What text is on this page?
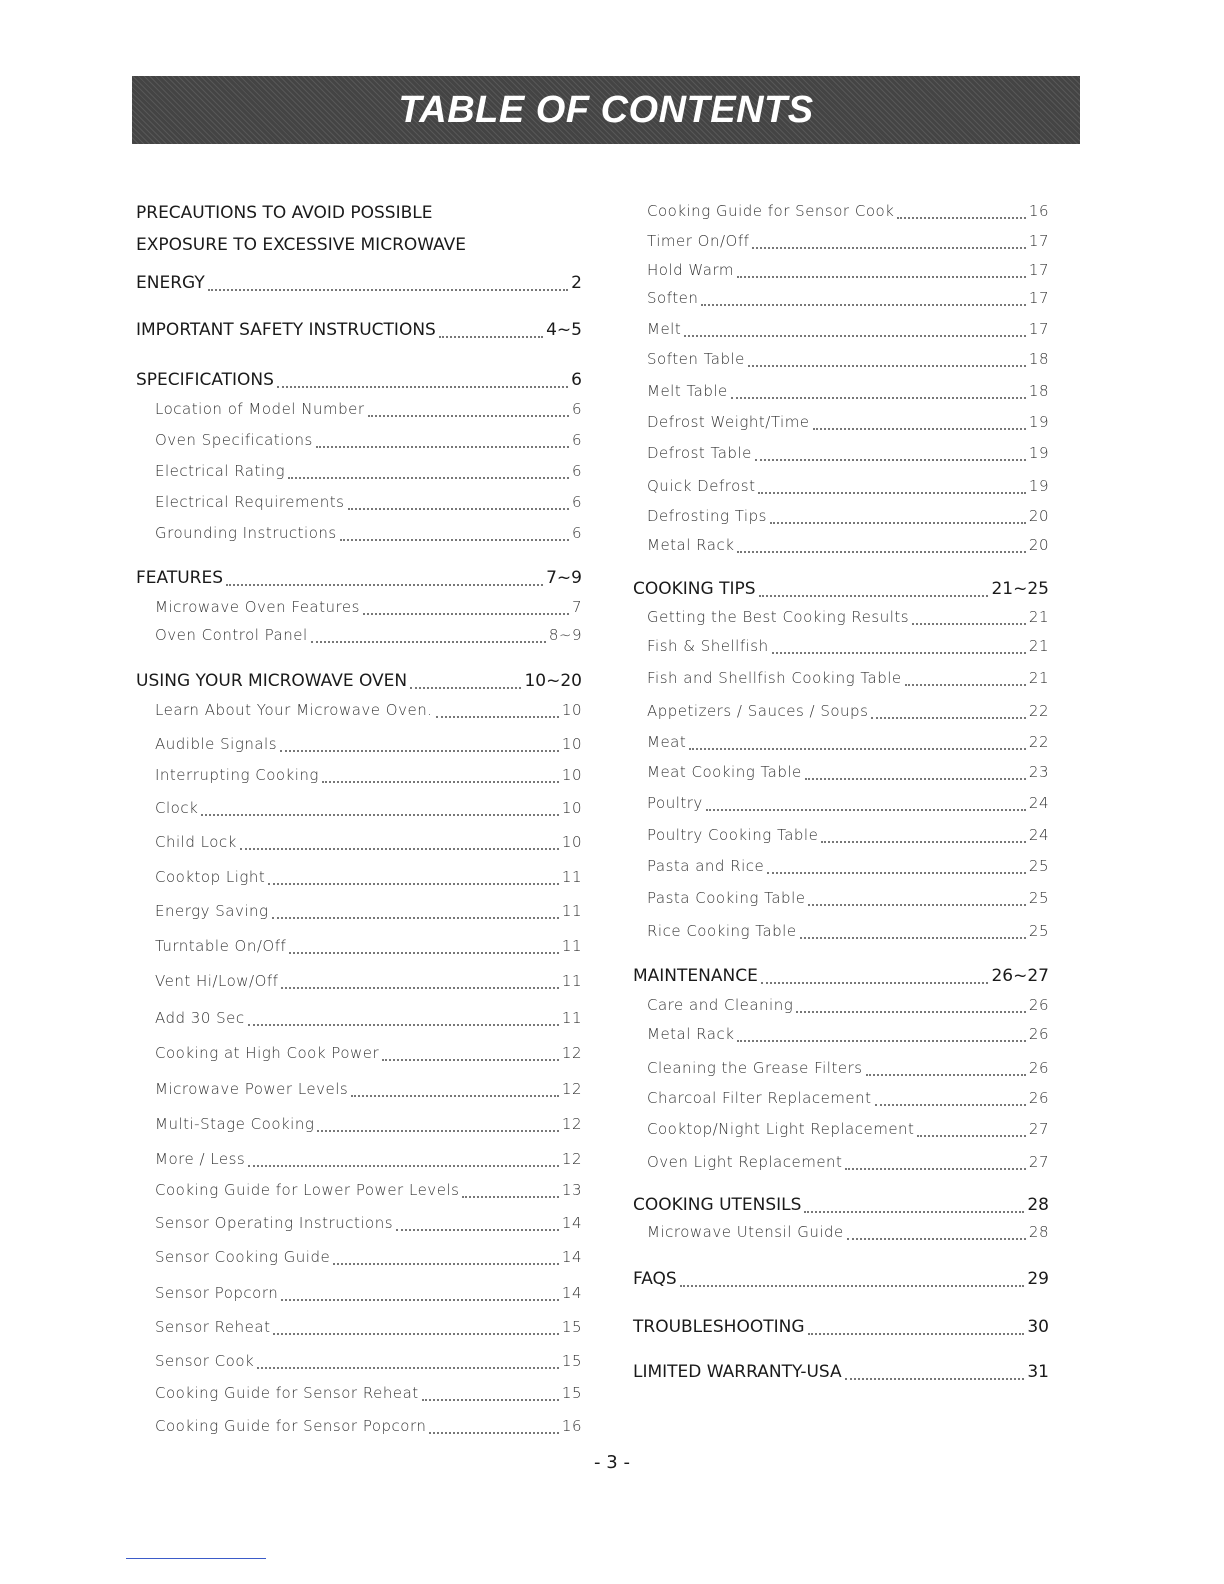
TABLE OF CONTENTS
PRECAUTIONS TO AVOID POSSIBLE
EXPOSURE TO EXCESSIVE MICROWAVE
ENERGY	2
IMPORTANT SAFETY INSTRUCTIONS	4~5
SPECIFICATIONS	6
Location of Model Number	6
Oven Specifications	6
Electrical Rating	6
Electrical Requirements	6
Grounding Instructions	6
FEATURES	7~9
Microwave Oven Features	7
Oven Control Panel	8~9
USING YOUR MICROWAVE OVEN	10~20
Learn About Your Microwave Oven.	10
Audible Signals	10
Interrupting Cooking	10
Clock	10
Child Lock	10
Cooktop Light	11
Energy Saving	11
Turntable On/Off	11
Vent Hi/Low/Off	11
Add 30 Sec	11
Cooking at High Cook Power	12
Microwave Power Levels	12
Multi-Stage Cooking	12
More / Less	12
Cooking Guide for Lower Power Levels	13
Sensor Operating Instructions	14
Sensor Cooking Guide	14
Sensor Popcorn	14
Sensor Reheat	15
Sensor Cook	15
Cooking Guide for Sensor Reheat	15
Cooking Guide for Sensor Popcorn	16
Cooking Guide for Sensor Cook	16
Timer On/Off	17
Hold Warm	17
Soften	17
Melt	17
Soften Table	18
Melt Table	18
Defrost Weight/Time	19
Defrost Table	19
Quick Defrost	19
Defrosting Tips	20
Metal Rack	20
COOKING TIPS	21~25
Getting the Best Cooking Results	21
Fish & Shellfish	21
Fish and Shellfish Cooking Table	21
Appetizers / Sauces / Soups	22
Meat	22
Meat Cooking Table	23
Poultry	24
Poultry Cooking Table	24
Pasta and Rice	25
Pasta Cooking Table	25
Rice Cooking Table	25
MAINTENANCE	26~27
Care and Cleaning	26
Metal Rack	26
Cleaning the Grease Filters	26
Charcoal Filter Replacement	26
Cooktop/Night Light Replacement	27
Oven Light Replacement	27
COOKING UTENSILS	28
Microwave Utensil Guide	28
FAQS	29
TROUBLESHOOTING	30
LIMITED WARRANTY-USA	31
- 3 -
